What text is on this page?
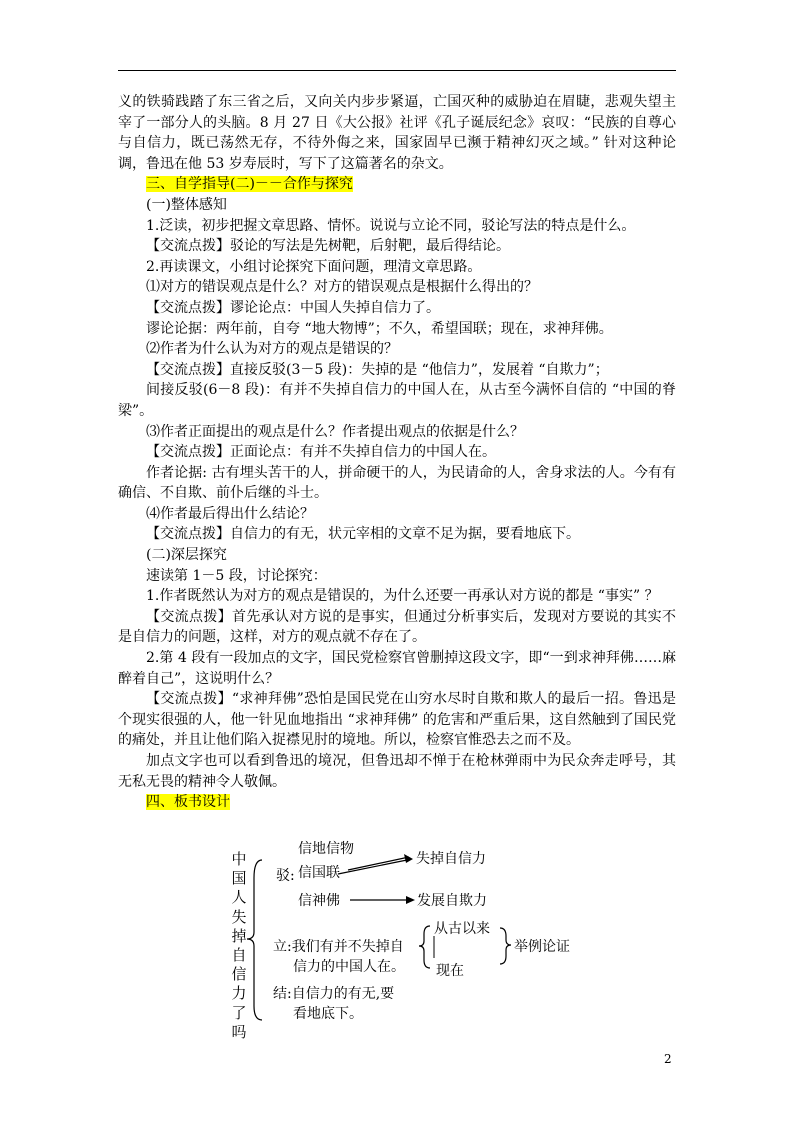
义的铁骑践踏了东三省之后，又向关内步步紧逼，亡国灭种的威胁迫在眉睫，悲观失望主宰了一部分人的头脑。8 月 27 日《大公报》社评《孔子诞辰纪念》哀叹：“民族的自尊心与自信力，既已荡然无存，不待外侮之来，国家固早已濒于精神幻灭之域。” 针对这种论调，鲁迅在他 53 岁寿辰时，写下了这篇著名的杂文。
三、自学指导(二)－－合作与探究
(一)整体感知
1.泛读，初步把握文章思路、情怀。说说与立论不同，驳论写法的特点是什么。
【交流点拨】驳论的写法是先树靶，后射靶，最后得结论。
2.再读课文，小组讨论探究下面问题，理清文章思路。
⑴对方的错误观点是什么？对方的错误观点是根据什么得出的？
【交流点拨】谬论论点：中国人失掉自信力了。
谬论论据：两年前，自夸 “地大物博”；不久，希望国联；现在，求神拜佛。
⑵作者为什么认为对方的观点是错误的？
【交流点拨】直接反驳(3－5 段)：失掉的是 “他信力”，发展着 “自欺力”；
间接反驳(6－8 段)：有并不失掉自信力的中国人在，从古至今满怀自信的 “中国的脊梁”。
⑶作者正面提出的观点是什么？作者提出观点的依据是什么？
【交流点拨】正面论点：有并不失掉自信力的中国人在。
作者论据: 古有埋头苦干的人，拼命硬干的人，为民请命的人，舍身求法的人。今有有确信、不自欺、前仆后继的斗士。
⑷作者最后得出什么结论？
【交流点拨】自信力的有无，状元宰相的文章不足为据，要看地底下。
(二)深层探究
速读第 1－5 段，讨论探究：
1.作者既然认为对方的观点是错误的，为什么还要一再承认对方说的都是 “事实” ？
【交流点拨】首先承认对方说的是事实，但通过分析事实后，发现对方要说的其实不是自信力的问题，这样，对方的观点就不存在了。
2.第 4 段有一段加点的文字，国民党检察官曾删掉这段文字，即“一到求神拜佛……麻醉着自己”，这说明什么？
【交流点拨】“求神拜佛”恐怕是国民党在山穷水尽时自欺和欺人的最后一招。鲁迅是个现实很强的人，他一针见血地指出 “求神拜佛” 的危害和严重后果，这自然触到了国民党的痛处，并且让他们陷入捉襟见肘的境地。所以，检察官惟恐去之而不及。
加点文字也可以看到鲁迅的境况，但鲁迅却不惮于在枪林弹雨中为民众奔走呼号，其无私无畏的精神令人敬佩。
四、板书设计
中国人失掉自信力了吗
信地信物
驳: 信国联
信神佛
失掉自信力
发展自欺力
立:我们有并不失掉自
信力的中国人在。
从古以来
现在
举例论证
结:自信力的有无,要
看地底下。
2
